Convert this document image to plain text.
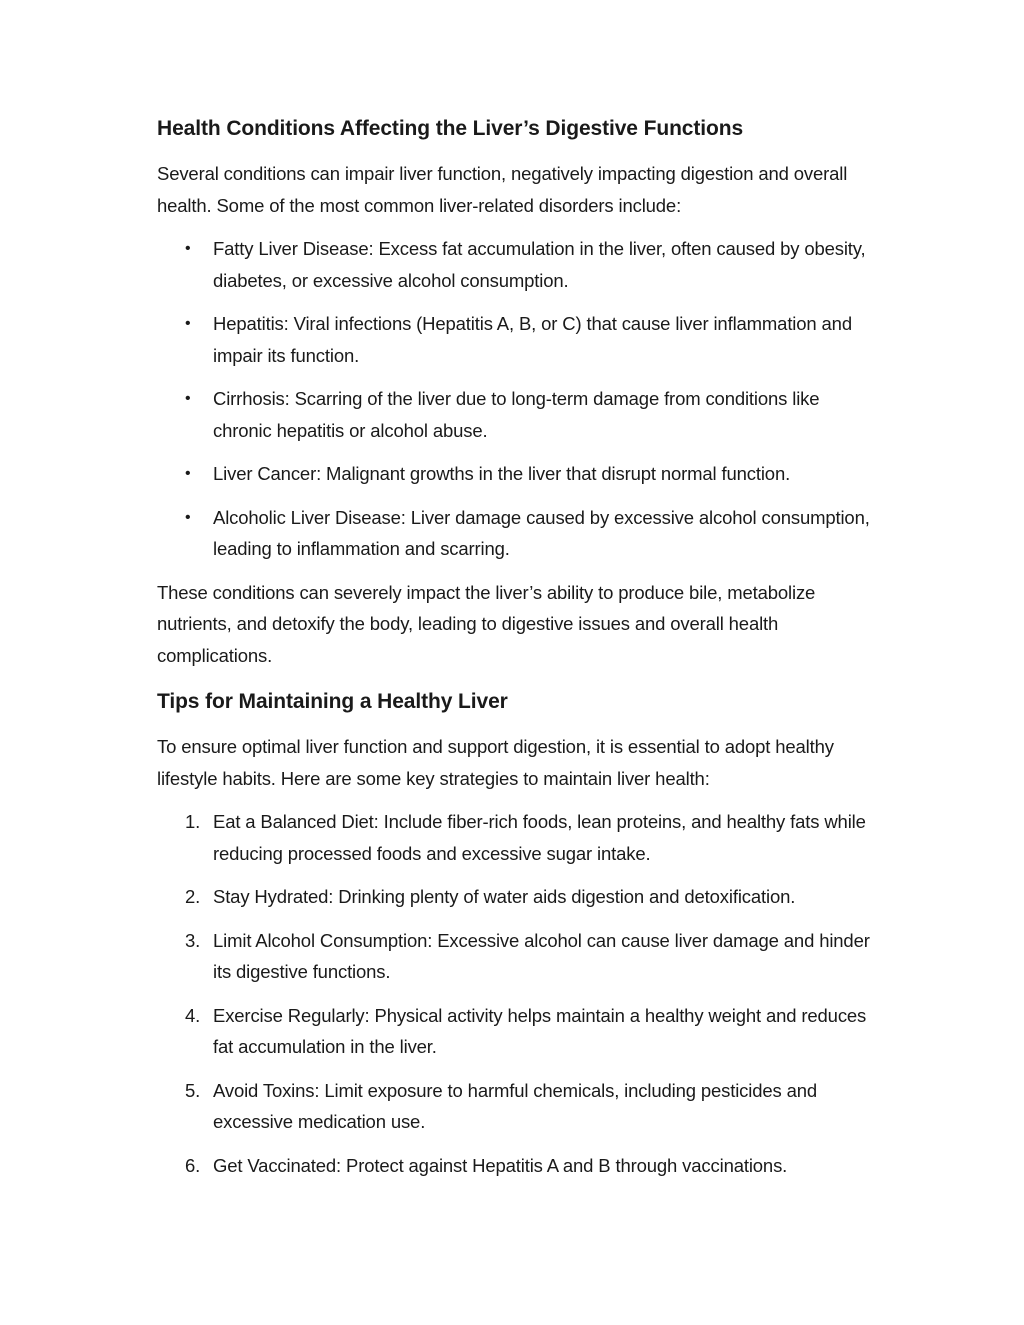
Health Conditions Affecting the Liver’s Digestive Functions

Several conditions can impair liver function, negatively impacting digestion and overall health. Some of the most common liver-related disorders include:

• Fatty Liver Disease: Excess fat accumulation in the liver, often caused by obesity, diabetes, or excessive alcohol consumption.
• Hepatitis: Viral infections (Hepatitis A, B, or C) that cause liver inflammation and impair its function.
• Cirrhosis: Scarring of the liver due to long-term damage from conditions like chronic hepatitis or alcohol abuse.
• Liver Cancer: Malignant growths in the liver that disrupt normal function.
• Alcoholic Liver Disease: Liver damage caused by excessive alcohol consumption, leading to inflammation and scarring.

These conditions can severely impact the liver’s ability to produce bile, metabolize nutrients, and detoxify the body, leading to digestive issues and overall health complications.

Tips for Maintaining a Healthy Liver

To ensure optimal liver function and support digestion, it is essential to adopt healthy lifestyle habits. Here are some key strategies to maintain liver health:

1. Eat a Balanced Diet: Include fiber-rich foods, lean proteins, and healthy fats while reducing processed foods and excessive sugar intake.
2. Stay Hydrated: Drinking plenty of water aids digestion and detoxification.
3. Limit Alcohol Consumption: Excessive alcohol can cause liver damage and hinder its digestive functions.
4. Exercise Regularly: Physical activity helps maintain a healthy weight and reduces fat accumulation in the liver.
5. Avoid Toxins: Limit exposure to harmful chemicals, including pesticides and excessive medication use.
6. Get Vaccinated: Protect against Hepatitis A and B through vaccinations.
